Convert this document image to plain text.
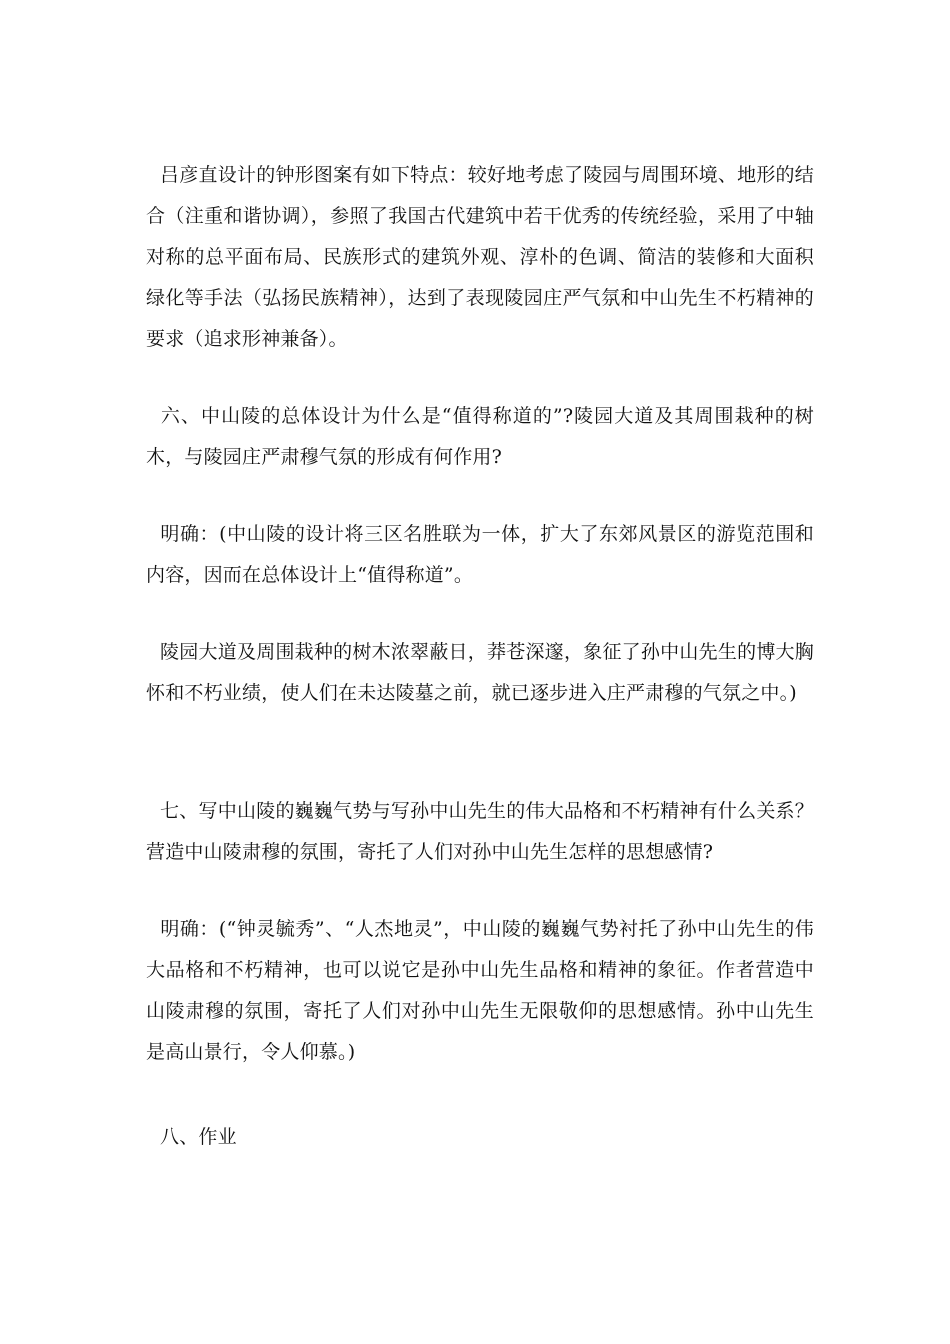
吕彦直设计的钟形图案有如下特点：较好地考虑了陵园与周围环境、地形的结合（注重和谐协调），参照了我国古代建筑中若干优秀的传统经验，采用了中轴对称的总平面布局、民族形式的建筑外观、淳朴的色调、简洁的装修和大面积绿化等手法（弘扬民族精神），达到了表现陵园庄严气氛和中山先生不朽精神的要求（追求形神兼备）。
六、中山陵的总体设计为什么是“值得称道的”?陵园大道及其周围栽种的树木，与陵园庄严肃穆气氛的形成有何作用?
明确：(中山陵的设计将三区名胜联为一体，扩大了东郊风景区的游览范围和内容，因而在总体设计上“值得称道”。
陵园大道及周围栽种的树木浓翠蔽日，莽苍深邃，象征了孙中山先生的博大胸怀和不朽业绩，使人们在未达陵墓之前，就已逐步进入庄严肃穆的气氛之中。)
七、写中山陵的巍巍气势与写孙中山先生的伟大品格和不朽精神有什么关系？营造中山陵肃穆的氛围，寄托了人们对孙中山先生怎样的思想感情?
明确：(“钟灵毓秀”、“人杰地灵”，中山陵的巍巍气势衬托了孙中山先生的伟大品格和不朽精神，也可以说它是孙中山先生品格和精神的象征。作者营造中山陵肃穆的氛围，寄托了人们对孙中山先生无限敬仰的思想感情。孙中山先生是高山景行，令人仰慕。)
八、作业
